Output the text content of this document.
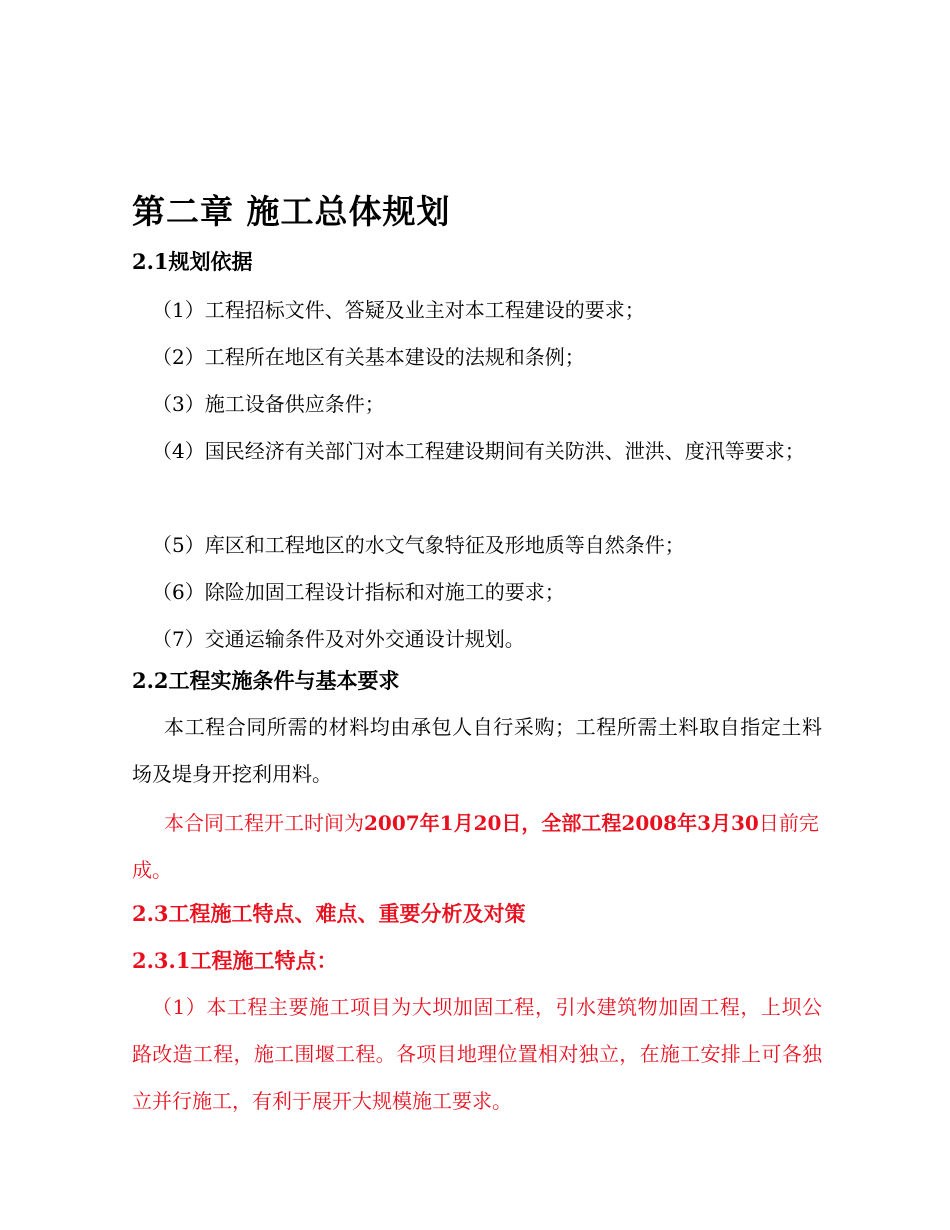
第二章 施工总体规划
2.1规划依据
（1）工程招标文件、答疑及业主对本工程建设的要求；
（2）工程所在地区有关基本建设的法规和条例；
（3）施工设备供应条件；
（4）国民经济有关部门对本工程建设期间有关防洪、泄洪、度汛等要求；
（5）库区和工程地区的水文气象特征及形地质等自然条件；
（6）除险加固工程设计指标和对施工的要求；
（7）交通运输条件及对外交通设计规划。
2.2工程实施条件与基本要求
本工程合同所需的材料均由承包人自行采购；工程所需土料取自指定土料场及堤身开挖利用料。
本合同工程开工时间为2007年1月20日，全部工程2008年3月30日前完成。
2.3工程施工特点、难点、重要分析及对策
2.3.1工程施工特点：
（1）本工程主要施工项目为大坝加固工程，引水建筑物加固工程，上坝公路改造工程，施工围堰工程。各项目地理位置相对独立，在施工安排上可各独立并行施工，有利于展开大规模施工要求。
